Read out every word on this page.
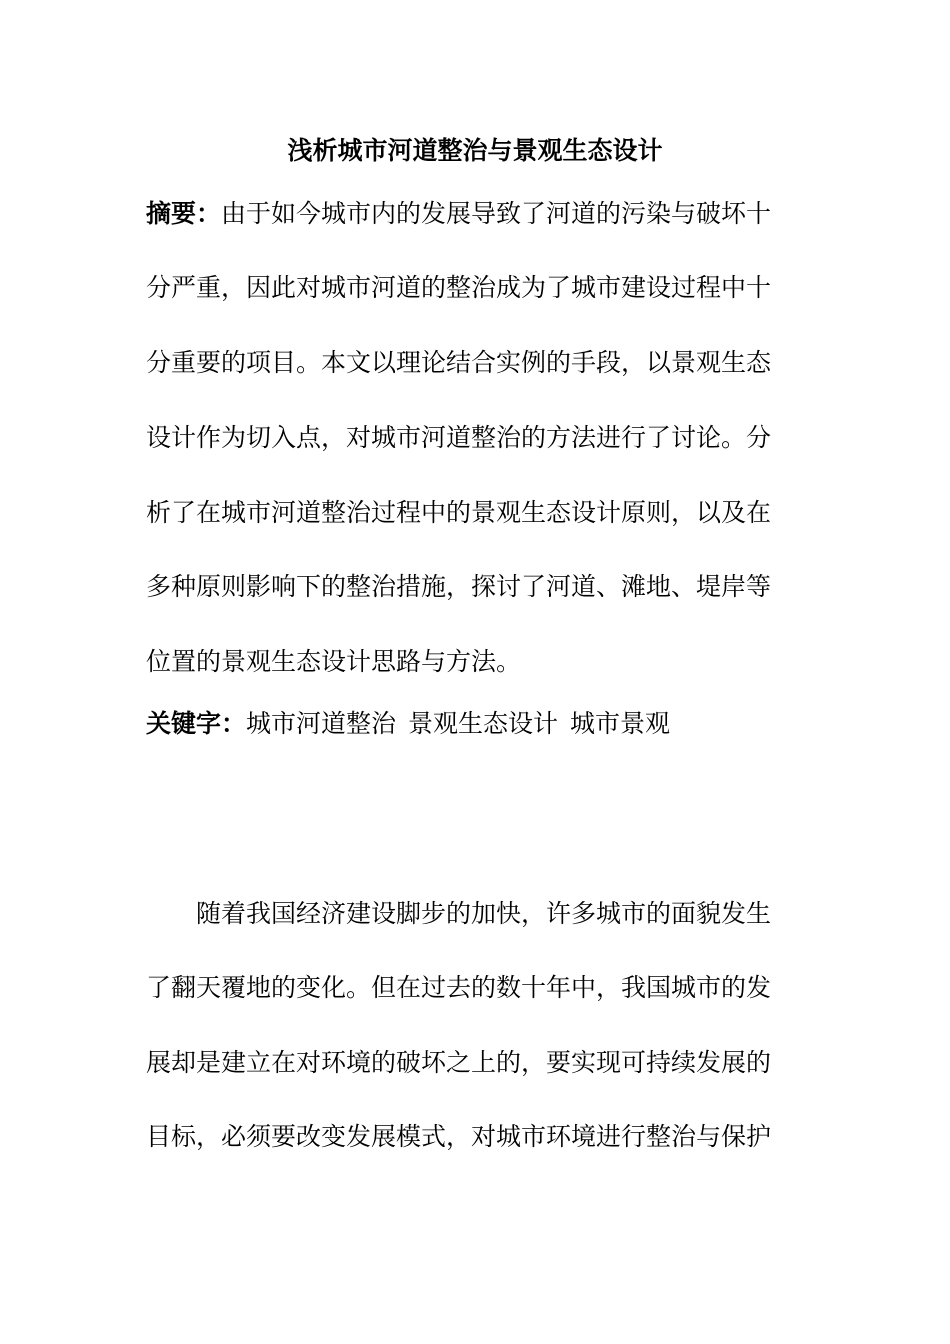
浅析城市河道整治与景观生态设计

摘要：由于如今城市内的发展导致了河道的污染与破坏十

分严重，因此对城市河道的整治成为了城市建设过程中十

分重要的项目。本文以理论结合实例的手段，以景观生态

设计作为切入点，对城市河道整治的方法进行了讨论。分

析了在城市河道整治过程中的景观生态设计原则，以及在

多种原则影响下的整治措施，探讨了河道、滩地、堤岸等

位置的景观生态设计思路与方法。

关键字：城市河道整治 景观生态设计 城市景观

随着我国经济建设脚步的加快，许多城市的面貌发生

了翻天覆地的变化。但在过去的数十年中，我国城市的发

展却是建立在对环境的破坏之上的，要实现可持续发展的

目标，必须要改变发展模式，对城市环境进行整治与保护
